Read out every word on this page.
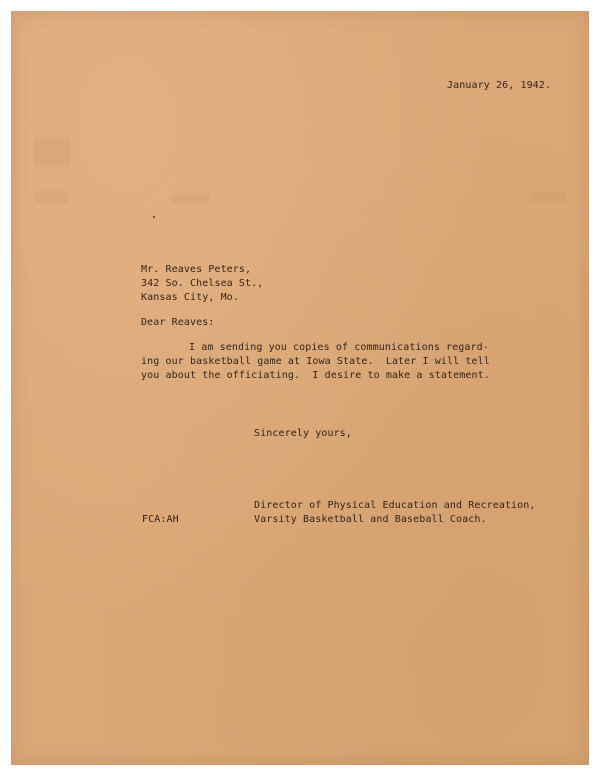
January 26, 1942.
Mr. Reaves Peters,
342 So. Chelsea St.,
Kansas City, Mo.
Dear Reaves:
I am sending you copies of communications regard-
ing our basketball game at Iowa State.  Later I will tell
you about the officiating.  I desire to make a statement.
Sincerely yours,
Director of Physical Education and Recreation,
FCA:AH	Varsity Basketball and Baseball Coach.
